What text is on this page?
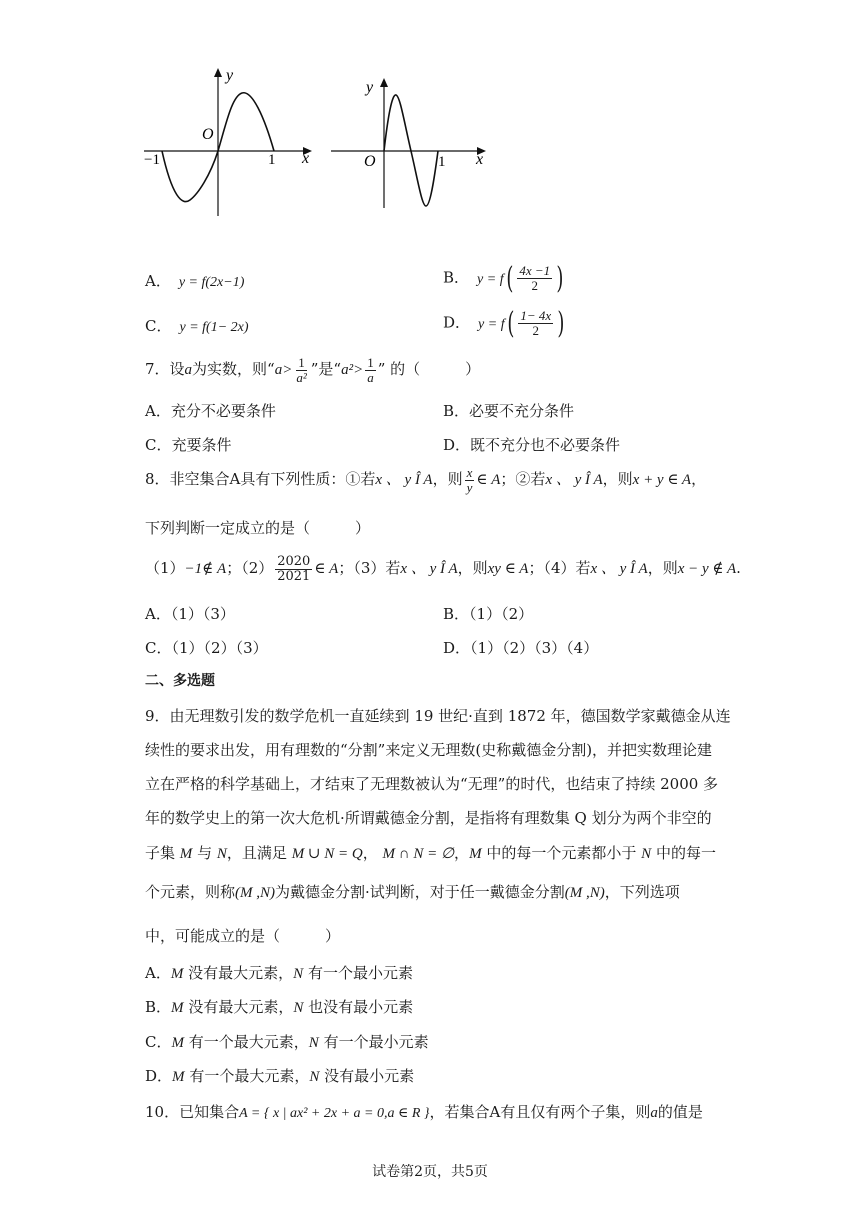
y
O
x
−1	1
y
O	x
1
A． y = f(2x−1)	B． $y = f( \frac{4x -1}{2}$ )
C． y = f(1− 2x)	D． $y = f( \frac{1- 4x}{2}$ )
7．设a为实数，则“$a> \frac{1}{\text{a²}}$ ”是“$a^2> \frac{1}{a}$ ” 的（　　　）
A．充分不必要条件	B．必要不充分条件
C．充要条件	D．既不充分也不必要条件
8．非空集合A具有下列性质：①若x 、 y Î A，则 $\frac{x}{y}$ ∈ A；②若x 、 y Î A，则x + y ∈ A，
下列判断一定成立的是（　　　）
（1）−1∉ A；$(2) \frac{2020}{2021}$ ∈ A；（3）若x 、 y Î A，则xy ∈ A；（4）若x 、 y Î A，则x − y ∉ A.
A．（1）（3）	B．（1）（2）
C．（1）（2）（3）	D．（1）（2）（3）（4）
二、多选题
9．由无理数引发的数学危机一直延续到 19 世纪·直到 1872 年，德国数学家戴德金从连
续性的要求出发，用有理数的“分割”来定义无理数(史称戴德金分割)，并把实数理论建
立在严格的科学基础上，才结束了无理数被认为“无理”的时代，也结束了持续 2000 多
年的数学史上的第一次大危机·所谓戴德金分割，是指将有理数集 Q 划分为两个非空的
子集 M 与 N，且满足 M ∪ N = Q， M ∩ N = ∅，M 中的每一个元素都小于 N 中的每一
个元素，则称(M ,N)为戴德金分割·试判断，对于任一戴德金分割(M ,N)，下列选项
中，可能成立的是（　　　）
A．M 没有最大元素，N 有一个最小元素
B．M 没有最大元素，N 也没有最小元素
C．M 有一个最大元素，N 有一个最小元素
D．M 有一个最大元素，N 没有最小元素
10．已知集合A = { x | ax² + 2x + a = 0,a ∈ R }，若集合A有且仅有两个子集，则a的值是
试卷第2页，共5页
